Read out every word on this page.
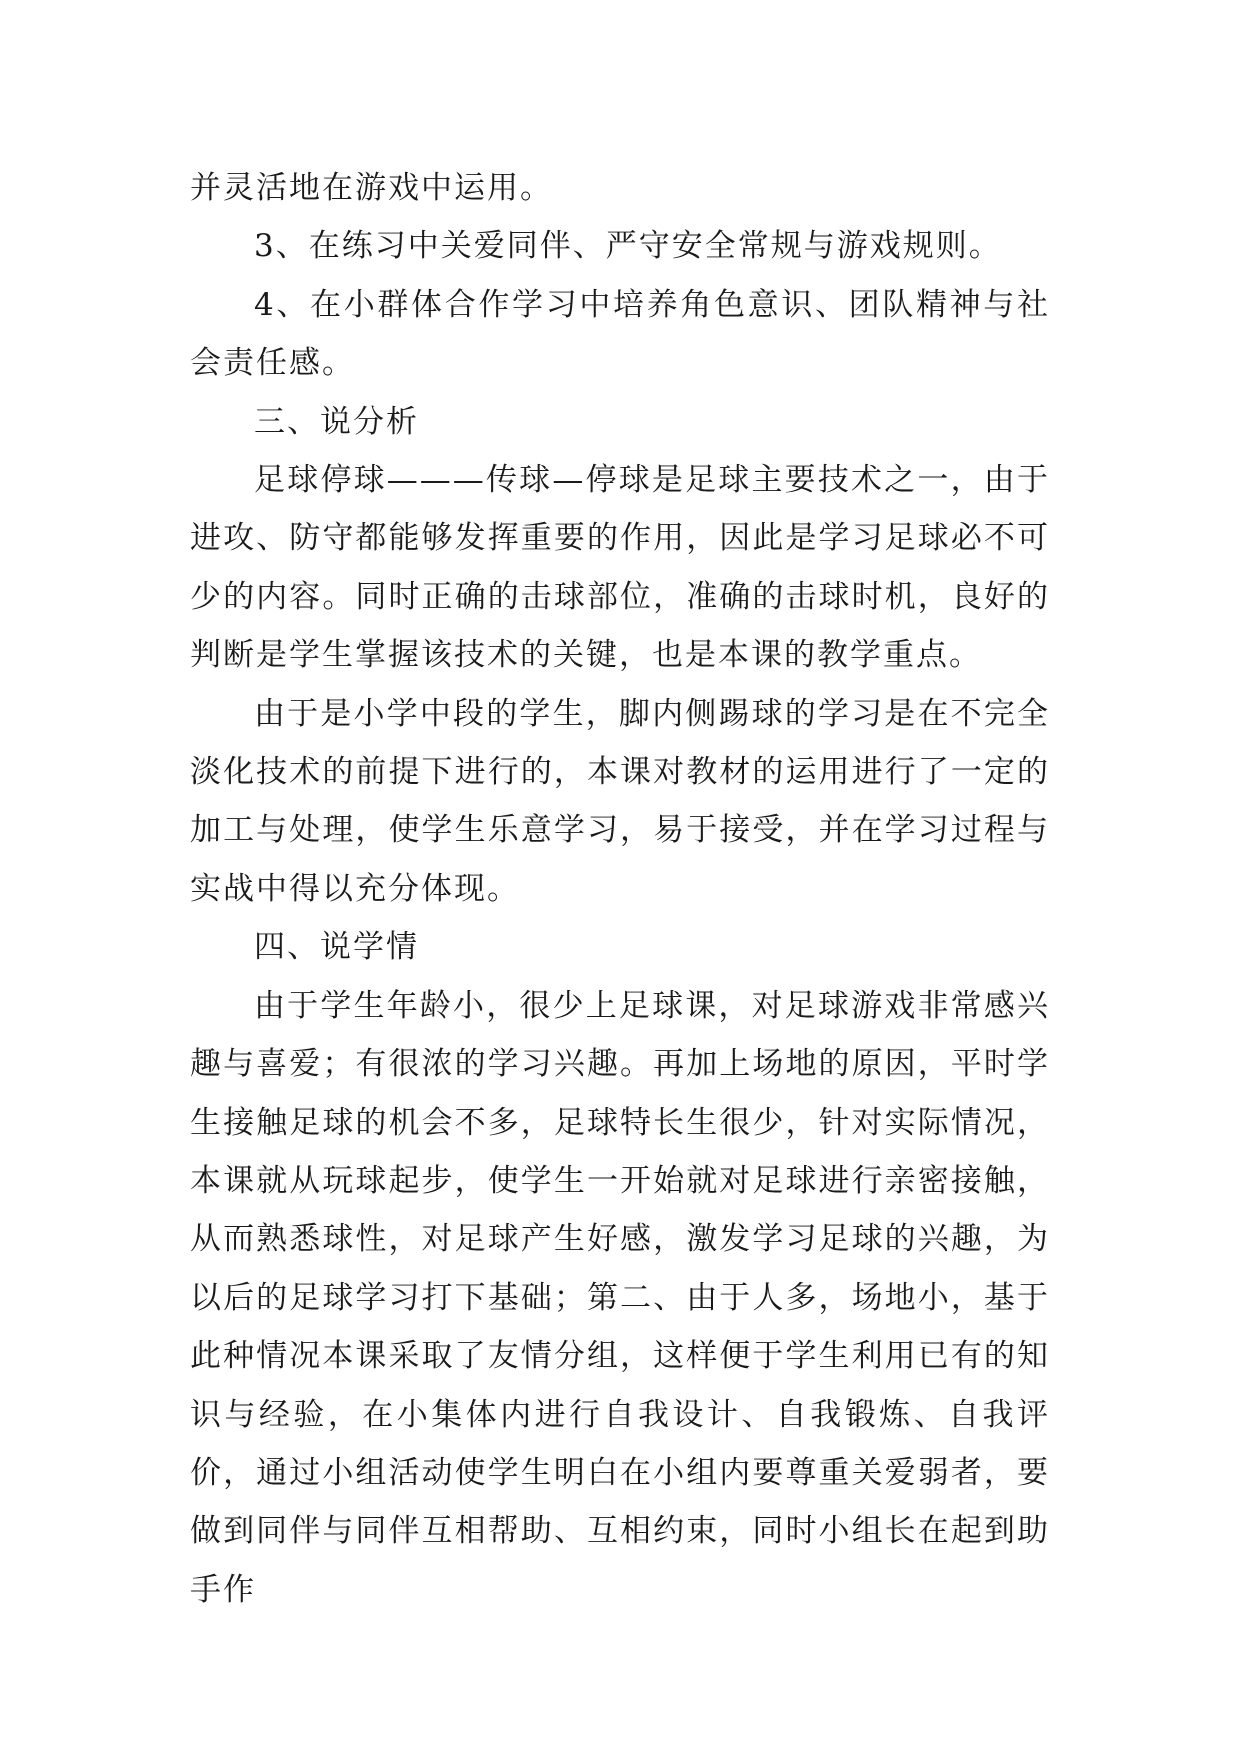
并灵活地在游戏中运用。

3、在练习中关爱同伴、严守安全常规与游戏规则。

4、在小群体合作学习中培养角色意识、团队精神与社会责任感。

三、说分析

足球停球———传球—停球是足球主要技术之一，由于进攻、防守都能够发挥重要的作用，因此是学习足球必不可少的内容。同时正确的击球部位，准确的击球时机，良好的判断是学生掌握该技术的关键，也是本课的教学重点。

由于是小学中段的学生，脚内侧踢球的学习是在不完全淡化技术的前提下进行的，本课对教材的运用进行了一定的加工与处理，使学生乐意学习，易于接受，并在学习过程与实战中得以充分体现。

四、说学情

由于学生年龄小，很少上足球课，对足球游戏非常感兴趣与喜爱；有很浓的学习兴趣。再加上场地的原因，平时学生接触足球的机会不多，足球特长生很少，针对实际情况，本课就从玩球起步，使学生一开始就对足球进行亲密接触，从而熟悉球性，对足球产生好感，激发学习足球的兴趣，为以后的足球学习打下基础；第二、由于人多，场地小，基于此种情况本课采取了友情分组，这样便于学生利用已有的知识与经验，在小集体内进行自我设计、自我锻炼、自我评价，通过小组活动使学生明白在小组内要尊重关爱弱者，要做到同伴与同伴互相帮助、互相约束，同时小组长在起到助手作
